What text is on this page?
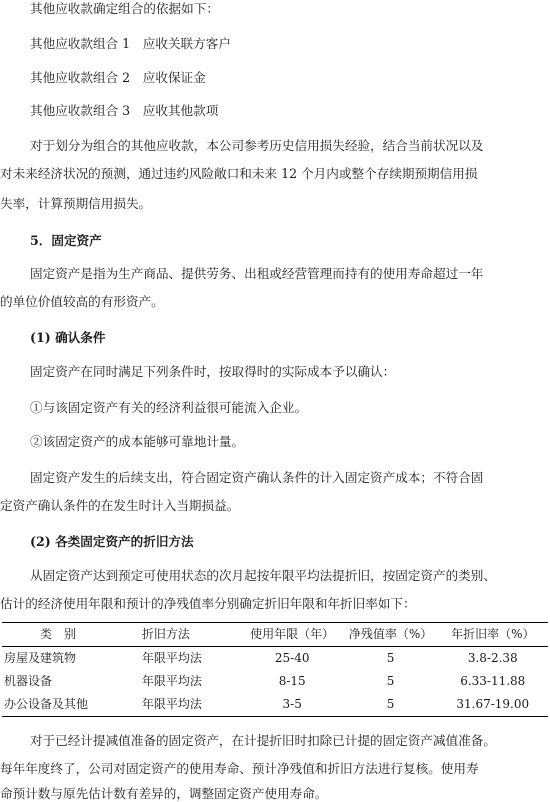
其他应收款确定组合的依据如下：
其他应收款组合 1　应收关联方客户
其他应收款组合 2　应收保证金
其他应收款组合 3　应收其他款项
对于划分为组合的其他应收款，本公司参考历史信用损失经验，结合当前状况以及
对未来经济状况的预测，通过违约风险敞口和未来 12 个月内或整个存续期预期信用损
失率，计算预期信用损失。
5．固定资产
固定资产是指为生产商品、提供劳务、出租或经营管理而持有的使用寿命超过一年
的单位价值较高的有形资产。
(1) 确认条件
固定资产在同时满足下列条件时，按取得时的实际成本予以确认：
①与该固定资产有关的经济利益很可能流入企业。
②该固定资产的成本能够可靠地计量。
固定资产发生的后续支出，符合固定资产确认条件的计入固定资产成本；不符合固
定资产确认条件的在发生时计入当期损益。
(2) 各类固定资产的折旧方法
从固定资产达到预定可使用状态的次月起按年限平均法提折旧，按固定资产的类别、
估计的经济使用年限和预计的净残值率分别确定折旧年限和年折旧率如下：
类　别	折旧方法	使用年限（年）	净残值率（%）	年折旧率（%）
房屋及建筑物	年限平均法	25-40	5	3.8-2.38
机器设备	年限平均法	8-15	5	6.33-11.88
办公设备及其他	年限平均法	3-5	5	31.67-19.00
对于已经计提减值准备的固定资产，在计提折旧时扣除已计提的固定资产减值准备。
每年年度终了，公司对固定资产的使用寿命、预计净残值和折旧方法进行复核。使用寿
命预计数与原先估计数有差异的，调整固定资产使用寿命。
